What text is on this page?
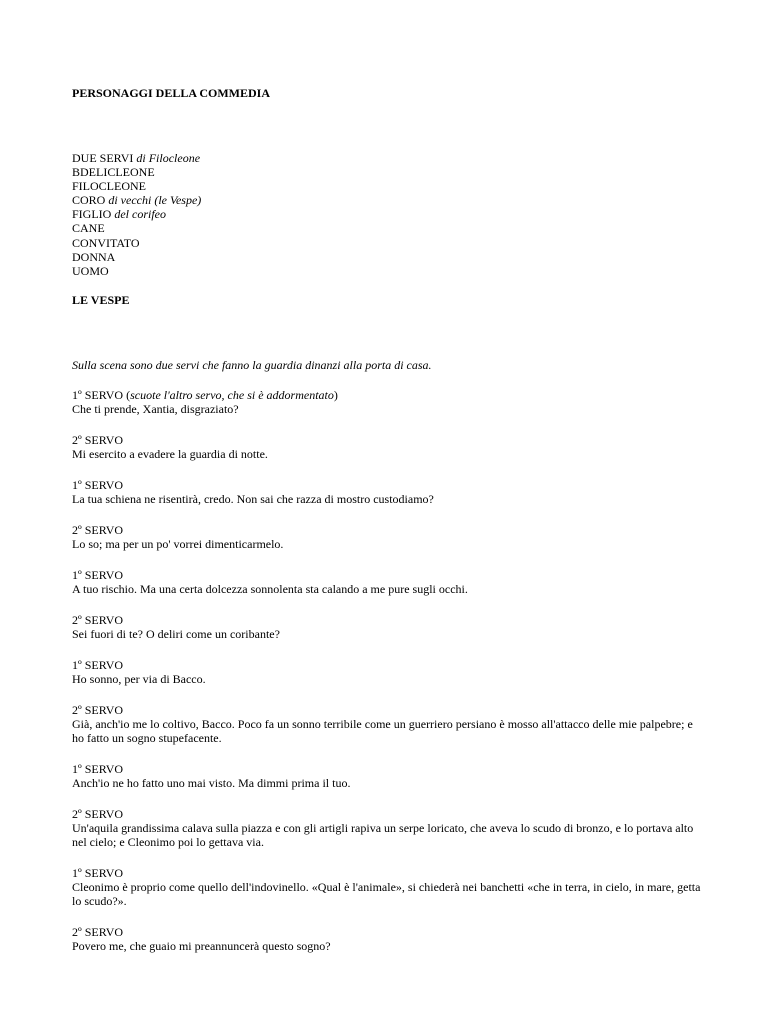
PERSONAGGI DELLA COMMEDIA
DUE SERVI di Filocleone
BDELICLEONE
FILOCLEONE
CORO di vecchi (le Vespe)
FIGLIO del corifeo
CANE
CONVITATO
DONNA
UOMO
LE VESPE

Sulla scena sono due servi che fanno la guardia dinanzi alla porta di casa.

1º SERVO (scuote l'altro servo, che si è addormentato)
Che ti prende, Xantia, disgraziato?
2º SERVO
Mi esercito a evadere la guardia di notte.
1º SERVO
La tua schiena ne risentirà, credo. Non sai che razza di mostro custodiamo?
2º SERVO
Lo so; ma per un po' vorrei dimenticarmelo.
1º SERVO
A tuo rischio. Ma una certa dolcezza sonnolenta sta calando a me pure sugli occhi.
2º SERVO
Sei fuori di te? O deliri come un coribante?
1º SERVO
Ho sonno, per via di Bacco.
2º SERVO
Già, anch'io me lo coltivo, Bacco. Poco fa un sonno terribile come un guerriero persiano è mosso all'attacco delle mie palpebre; e ho fatto un sogno stupefacente.
1º SERVO
Anch'io ne ho fatto uno mai visto. Ma dimmi prima il tuo.
2º SERVO
Un'aquila grandissima calava sulla piazza e con gli artigli rapiva un serpe loricato, che aveva lo scudo di bronzo, e lo portava alto nel cielo; e Cleonimo poi lo gettava via.
1º SERVO
Cleonimo è proprio come quello dell'indovinello. «Qual è l'animale», si chiederà nei banchetti «che in terra, in cielo, in mare, getta lo scudo?».
2º SERVO
Povero me, che guaio mi preannuncerà questo sogno?
